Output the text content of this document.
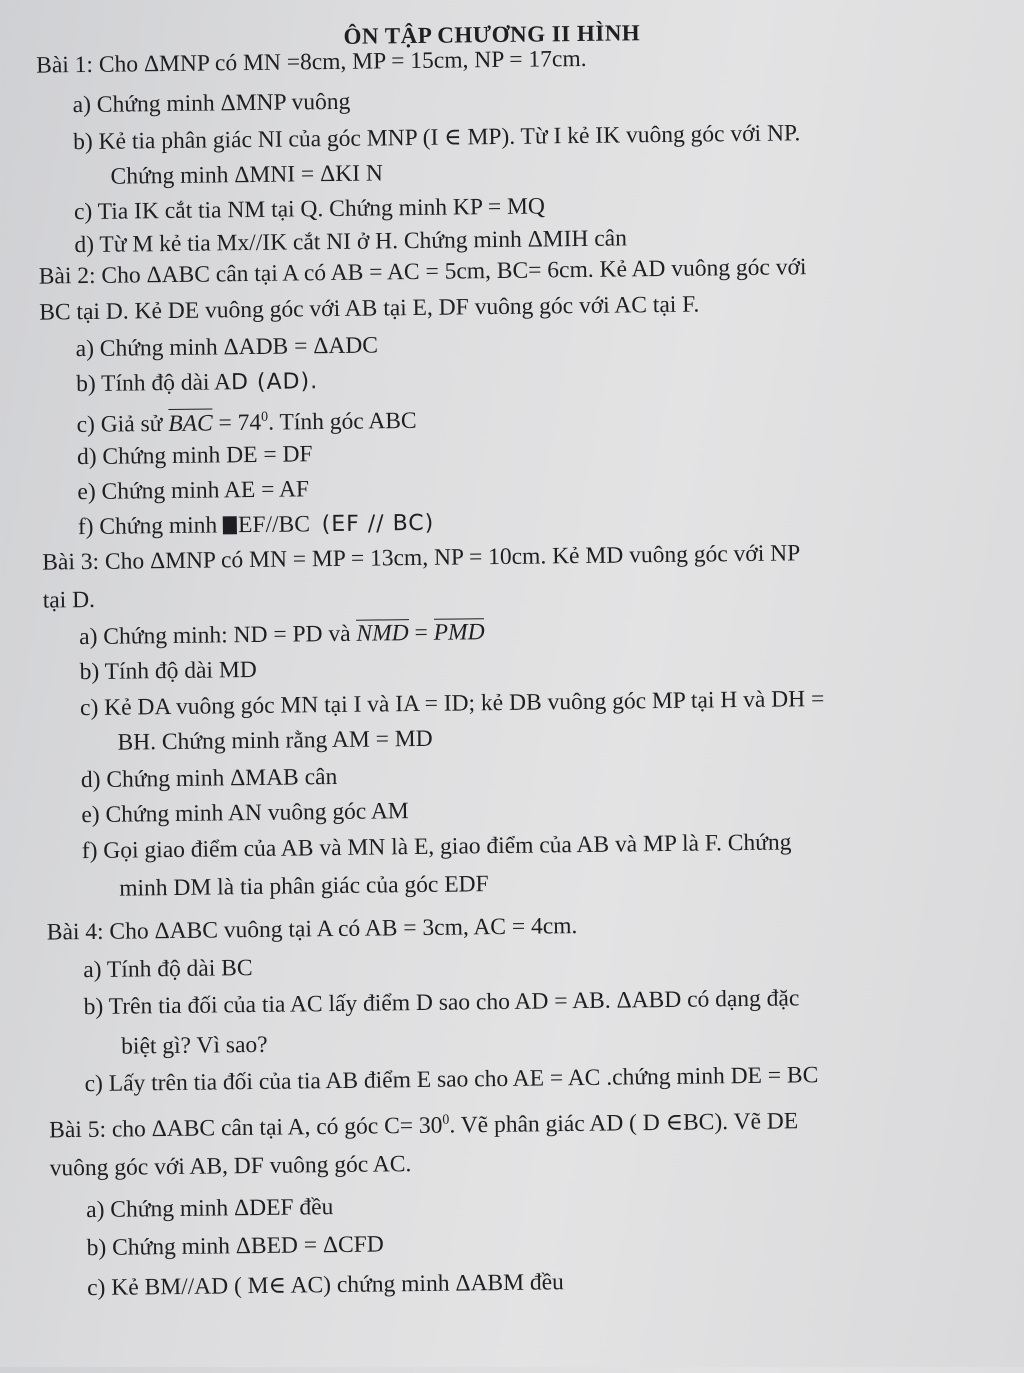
ÔN TẬP CHƯƠNG II HÌNH
Bài 1: Cho ΔMNP có MN =8cm, MP = 15cm, NP = 17cm.
a) Chứng minh ΔMNP vuông
b) Kẻ tia phân giác NI của góc MNP (I ∈ MP). Từ I kẻ IK vuông góc với NP.
Chứng minh ΔMNI = ΔKI N
c) Tia IK cắt tia NM tại Q. Chứng minh KP = MQ
d) Từ M kẻ tia Mx//IK cắt NI ở H. Chứng minh ΔMIH cân
Bài 2: Cho ΔABC cân tại A có AB = AC = 5cm, BC= 6cm. Kẻ AD vuông góc với
BC tại D. Kẻ DE vuông góc với AB tại E, DF vuông góc với AC tại F.
a) Chứng minh ΔADB = ΔADC
b) Tính độ dài AD (AD).
c) Giả sử BAC = $74^0$. Tính góc ABC
d) Chứng minh DE = DF
e) Chứng minh AE = AF
f) Chứng minh EF//BC (EF // BC)
Bài 3: Cho ΔMNP có MN = MP = 13cm, NP = 10cm. Kẻ MD vuông góc với NP
tại D.
a) Chứng minh: ND = PD và NMD = PMD
b) Tính độ dài MD
c) Kẻ DA vuông góc MN tại I và IA = ID; kẻ DB vuông góc MP tại H và DH =
BH. Chứng minh rằng AM = MD
d) Chứng minh ΔMAB cân
e) Chứng minh AN vuông góc AM
f) Gọi giao điểm của AB và MN là E, giao điểm của AB và MP là F. Chứng
minh DM là tia phân giác của góc EDF
Bài 4: Cho ΔABC vuông tại A có AB = 3cm, AC = 4cm.
a) Tính độ dài BC
b) Trên tia đối của tia AC lấy điểm D sao cho AD = AB. ΔABD có dạng đặc
biệt gì? Vì sao?
c) Lấy trên tia đối của tia AB điểm E sao cho AE = AC .chứng minh DE = BC
Bài 5: cho ΔABC cân tại A, có góc $C= 30^0$. Vẽ phân giác AD ( D ∈BC). Vẽ DE
vuông góc với AB, DF vuông góc AC.
a) Chứng minh ΔDEF đều
b) Chứng minh ΔBED = ΔCFD
c) Kẻ BM//AD ( M∈ AC) chứng minh ΔABM đều
